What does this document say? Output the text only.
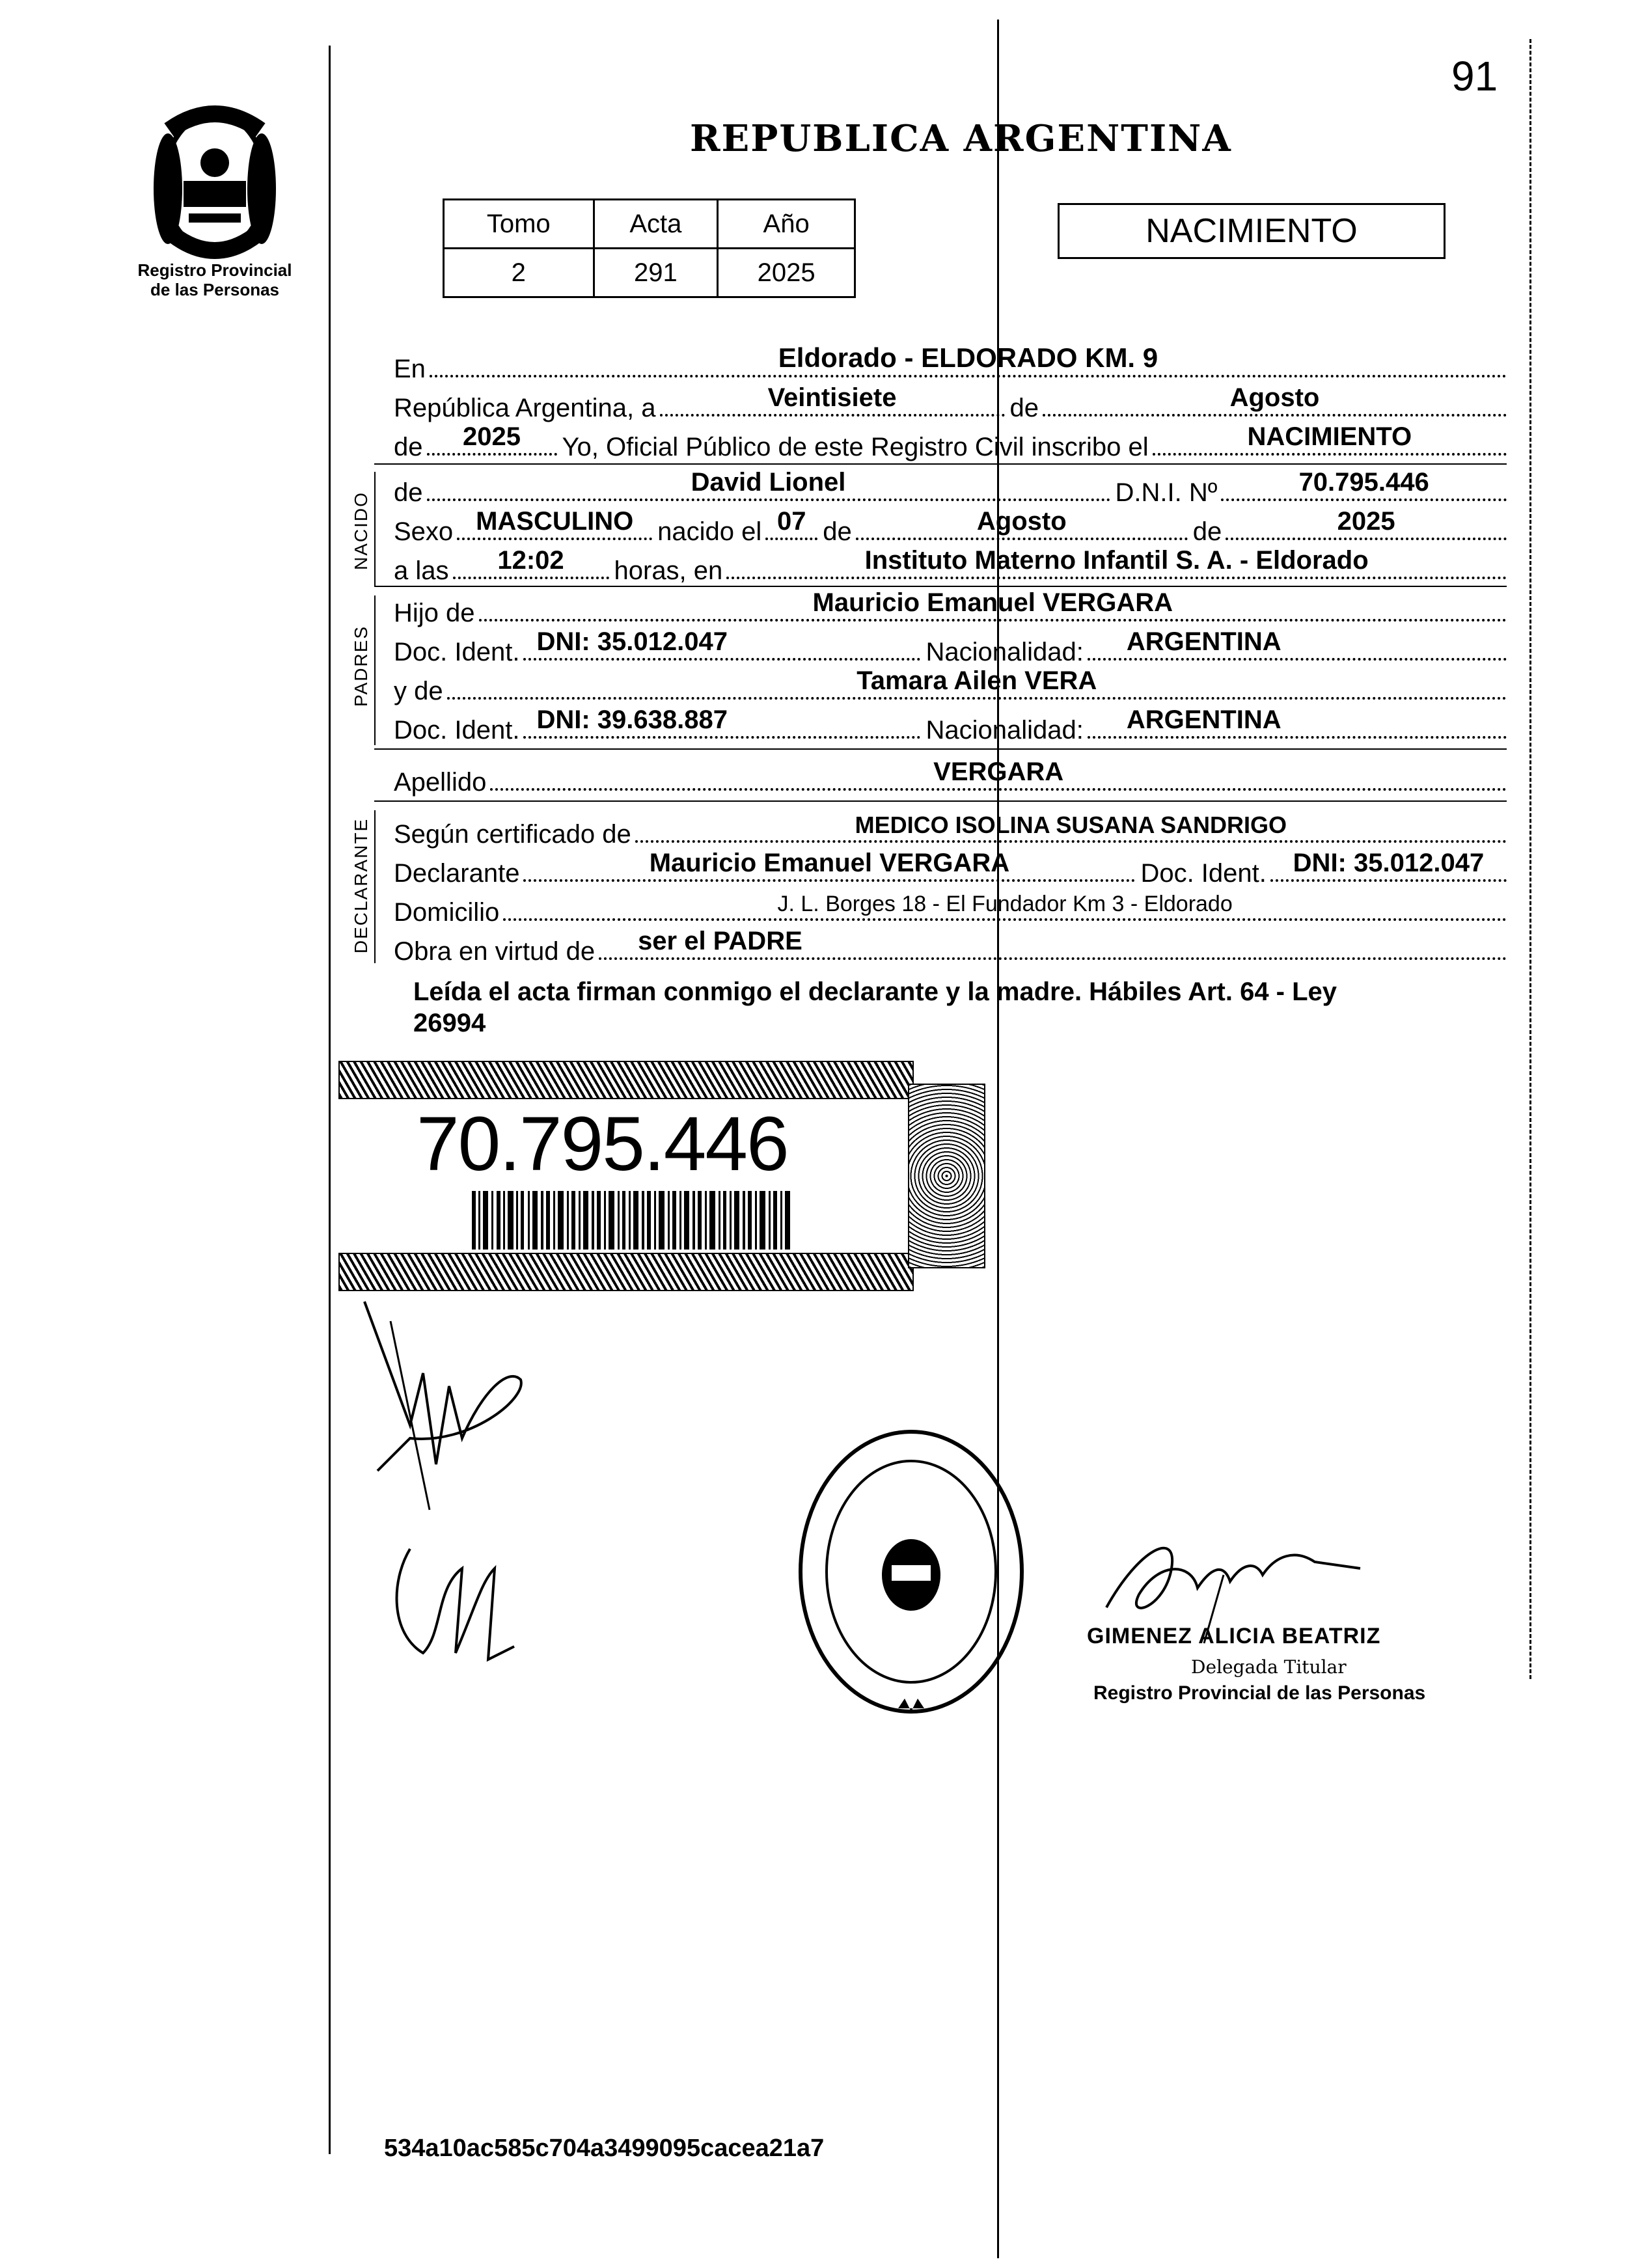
91
Registro Provincial
de las Personas
REPUBLICA ARGENTINA
Tomo	Acta	Año
2	291	2025
NACIMIENTO
En	Eldorado - ELDORADO KM. 9
República Argentina, a	Veintisiete	de	Agosto
de	2025	Yo, Oficial Público de este Registro Civil inscribo el	NACIMIENTO
NACIDO de	David Lionel	D.N.I. Nº	70.795.446
Sexo MASCULINO nacido el 07 de	Agosto	de	2025
a las	12:02	horas, en	Instituto Materno Infantil S. A. - Eldorado
PADRES
Hijo de	Mauricio Emanuel VERGARA
Doc. Ident. DNI: 35.012.047	Nacionalidad: ARGENTINA
y de	Tamara Ailen VERA
Doc. Ident. DNI: 39.638.887	Nacionalidad: ARGENTINA
Apellido	VERGARA
DECLARANTE Según certificado de	MEDICO ISOLINA SUSANA SANDRIGO
Declarante	Mauricio Emanuel VERGARA	Doc. Ident.	DNI: 35.012.047
Domicilio	J. L. Borges 18 - El Fundador Km 3 - Eldorado
Obra en virtud de ser el PADRE
Leída el acta firman conmigo el declarante y la madre. Hábiles Art. 64 - Ley
26994
70.795.446
GIMENEZ ALICIA BEATRIZ
Delegada Titular
Registro Provincial de las Personas
534a10ac585c704a3499095cacea21a7
